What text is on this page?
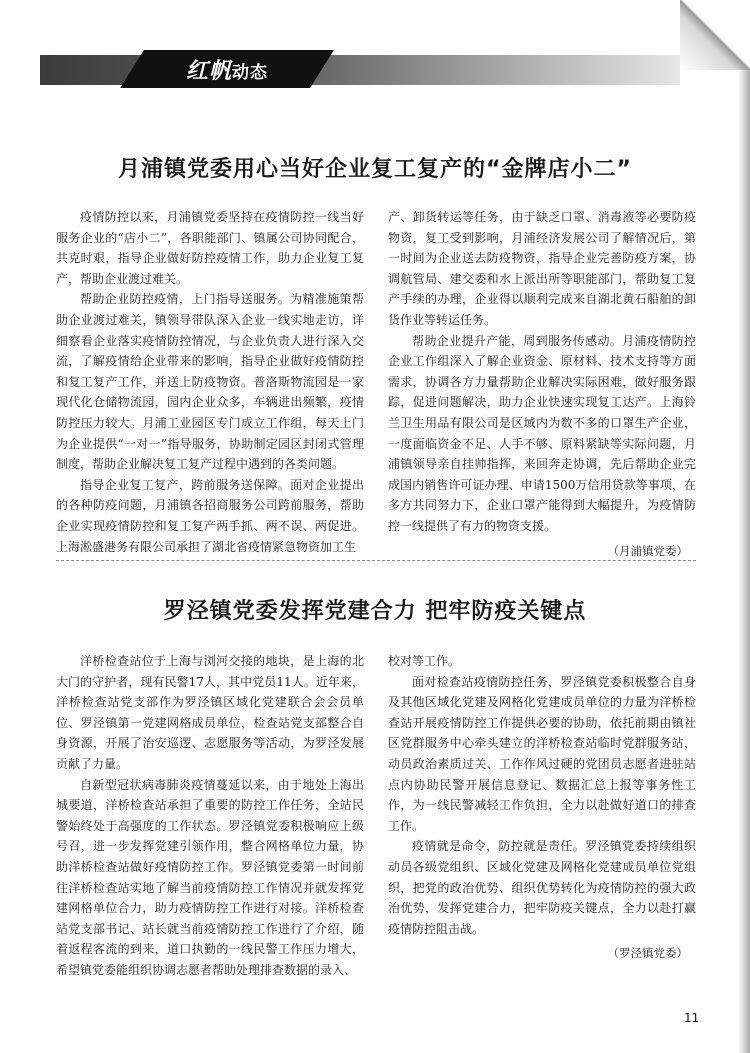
红帆动态
月浦镇党委用心当好企业复工复产的“金牌店小二”

疫情防控以来，月浦镇党委坚持在疫情防控一线当好服务企业的“店小二”，各职能部门、镇属公司协同配合，共克时艰，指导企业做好防控疫情工作，助力企业复工复产，帮助企业渡过难关。

帮助企业防控疫情，上门指导送服务。为精准施策帮助企业渡过难关，镇领导带队深入企业一线实地走访，详细察看企业落实疫情防控情况，与企业负责人进行深入交流，了解疫情给企业带来的影响，指导企业做好疫情防控和复工复产工作，并送上防疫物资。普洛斯物流园是一家现代化仓储物流园，园内企业众多，车辆进出频繁，疫情防控压力较大。月浦工业园区专门成立工作组，每天上门为企业提供“一对一”指导服务，协助制定园区封闭式管理制度，帮助企业解决复工复产过程中遇到的各类问题。

指导企业复工复产，跨前服务送保障。面对企业提出的各种防疫问题，月浦镇各招商服务公司跨前服务，帮助企业实现疫情防控和复工复产两手抓、两不误、两促进。上海淞盛港务有限公司承担了湖北省疫情紧急物资加工生

产、卸货转运等任务，由于缺乏口罩、消毒液等必要防疫物资，复工受到影响，月浦经济发展公司了解情况后，第一时间为企业送去防疫物资，指导企业完善防疫方案，协调航管局、建交委和水上派出所等职能部门，帮助复工复产手续的办理，企业得以顺利完成来自湖北黄石船舶的卸货作业等转运任务。

帮助企业提升产能，周到服务传感动。月浦疫情防控企业工作组深入了解企业资金、原材料、技术支持等方面需求，协调各方力量帮助企业解决实际困难，做好服务跟踪，促进问题解决，助力企业快速实现复工达产。上海铃兰卫生用品有限公司是区域内为数不多的口罩生产企业，一度面临资金不足、人手不够、原料紧缺等实际问题，月浦镇领导亲自挂帅指挥，来回奔走协调，先后帮助企业完成国内销售许可证办理、申请1500万信用贷款等事项，在多方共同努力下，企业口罩产能得到大幅提升，为疫情防控一线提供了有力的物资支援。

（月浦镇党委）
罗泾镇党委发挥党建合力 把牢防疫关键点

洋桥检查站位于上海与浏河交接的地块，是上海的北大门的守护者，现有民警17人，其中党员11人。近年来，洋桥检查站党支部作为罗泾镇区域化党建联合会会员单位、罗泾镇第一党建网格成员单位，检查站党支部整合自身资源，开展了治安巡逻、志愿服务等活动，为罗泾发展贡献了力量。

自新型冠状病毒肺炎疫情蔓延以来，由于地处上海出城要道，洋桥检查站承担了重要的防控工作任务，全站民警始终处于高强度的工作状态。罗泾镇党委积极响应上级号召，进一步发挥党建引领作用，整合网格单位力量，协助洋桥检查站做好疫情防控工作。罗泾镇党委第一时间前往洋桥检查站实地了解当前疫情防控工作情况并就发挥党建网格单位合力，助力疫情防控工作进行对接。洋桥检查站党支部书记、站长就当前疫情防控工作进行了介绍，随着返程客流的到来，道口执勤的一线民警工作压力增大，希望镇党委能组织协调志愿者帮助处理排查数据的录入、

校对等工作。

面对检查站疫情防控任务，罗泾镇党委积极整合自身及其他区域化党建及网格化党建成员单位的力量为洋桥检查站开展疫情防控工作提供必要的协助，依托前期由镇社区党群服务中心牵头建立的洋桥检查站临时党群服务站，动员政治素质过关、工作作风过硬的党团员志愿者进驻站点内协助民警开展信息登记、数据汇总上报等事务性工作，为一线民警减轻工作负担，全力以赴做好道口的排查工作。

疫情就是命令，防控就是责任。罗泾镇党委持续组织动员各级党组织、区域化党建及网格化党建成员单位党组织，把党的政治优势、组织优势转化为疫情防控的强大政治优势，发挥党建合力，把牢防疫关键点，全力以赴打赢疫情防控阻击战。

（罗泾镇党委）
11
